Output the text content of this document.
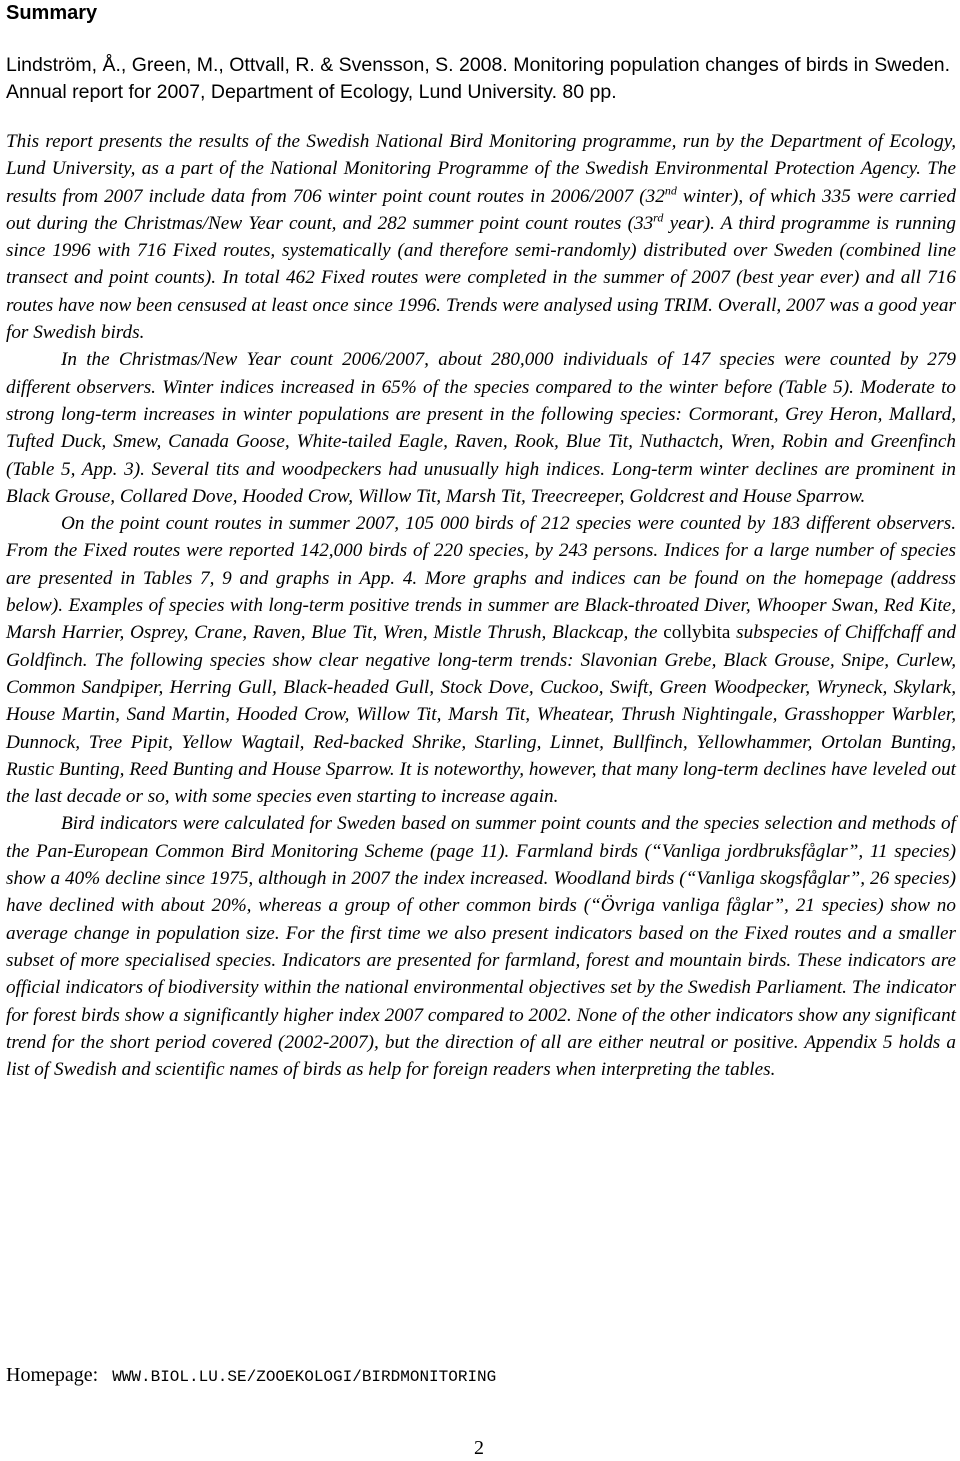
Summary

Lindström, Å., Green, M., Ottvall, R. & Svensson, S. 2008. Monitoring population changes of birds in Sweden. Annual report for 2007, Department of Ecology, Lund University. 80 pp.

This report presents the results of the Swedish National Bird Monitoring programme, run by the Department of Ecology, Lund University, as a part of the National Monitoring Programme of the Swedish Environmental Protection Agency. The results from 2007 include data from 706 winter point count routes in 2006/2007 (32nd winter), of which 335 were carried out during the Christmas/New Year count, and 282 summer point count routes (33rd year). A third programme is running since 1996 with 716 Fixed routes, systematically (and therefore semi-randomly) distributed over Sweden (combined line transect and point counts). In total 462 Fixed routes were completed in the summer of 2007 (best year ever) and all 716 routes have now been censused at least once since 1996. Trends were analysed using TRIM. Overall, 2007 was a good year for Swedish birds.

In the Christmas/New Year count 2006/2007, about 280,000 individuals of 147 species were counted by 279 different observers. Winter indices increased in 65% of the species compared to the winter before (Table 5). Moderate to strong long-term increases in winter populations are present in the following species: Cormorant, Grey Heron, Mallard, Tufted Duck, Smew, Canada Goose, White-tailed Eagle, Raven, Rook, Blue Tit, Nuthactch, Wren, Robin and Greenfinch (Table 5, App. 3). Several tits and woodpeckers had unusually high indices. Long-term winter declines are prominent in Black Grouse, Collared Dove, Hooded Crow, Willow Tit, Marsh Tit, Treecreeper, Goldcrest and House Sparrow.

On the point count routes in summer 2007, 105 000 birds of 212 species were counted by 183 different observers. From the Fixed routes were reported 142,000 birds of 220 species, by 243 persons. Indices for a large number of species are presented in Tables 7, 9 and graphs in App. 4. More graphs and indices can be found on the homepage (address below). Examples of species with long-term positive trends in summer are Black-throated Diver, Whooper Swan, Red Kite, Marsh Harrier, Osprey, Crane, Raven, Blue Tit, Wren, Mistle Thrush, Blackcap, the collybita subspecies of Chiffchaff and Goldfinch. The following species show clear negative long-term trends: Slavonian Grebe, Black Grouse, Snipe, Curlew, Common Sandpiper, Herring Gull, Black-headed Gull, Stock Dove, Cuckoo, Swift, Green Woodpecker, Wryneck, Skylark, House Martin, Sand Martin, Hooded Crow, Willow Tit, Marsh Tit, Wheatear, Thrush Nightingale, Grasshopper Warbler, Dunnock, Tree Pipit, Yellow Wagtail, Red-backed Shrike, Starling, Linnet, Bullfinch, Yellowhammer, Ortolan Bunting, Rustic Bunting, Reed Bunting and House Sparrow. It is noteworthy, however, that many long-term declines have leveled out the last decade or so, with some species even starting to increase again.

Bird indicators were calculated for Sweden based on summer point counts and the species selection and methods of the Pan-European Common Bird Monitoring Scheme (page 11). Farmland birds (“Vanliga jordbruksfåglar”, 11 species) show a 40% decline since 1975, although in 2007 the index increased. Woodland birds (“Vanliga skogsfåglar”, 26 species) have declined with about 20%, whereas a group of other common birds (“Övriga vanliga fåglar”, 21 species) show no average change in population size. For the first time we also present indicators based on the Fixed routes and a smaller subset of more specialised species. Indicators are presented for farmland, forest and mountain birds. These indicators are official indicators of biodiversity within the national environmental objectives set by the Swedish Parliament. The indicator for forest birds show a significantly higher index 2007 compared to 2002. None of the other indicators show any significant trend for the short period covered (2002-2007), but the direction of all are either neutral or positive. Appendix 5 holds a list of Swedish and scientific names of birds as help for foreign readers when interpreting the tables.

Homepage: WWW.BIOL.LU.SE/ZOOEKOLOGI/BIRDMONITORING

2
